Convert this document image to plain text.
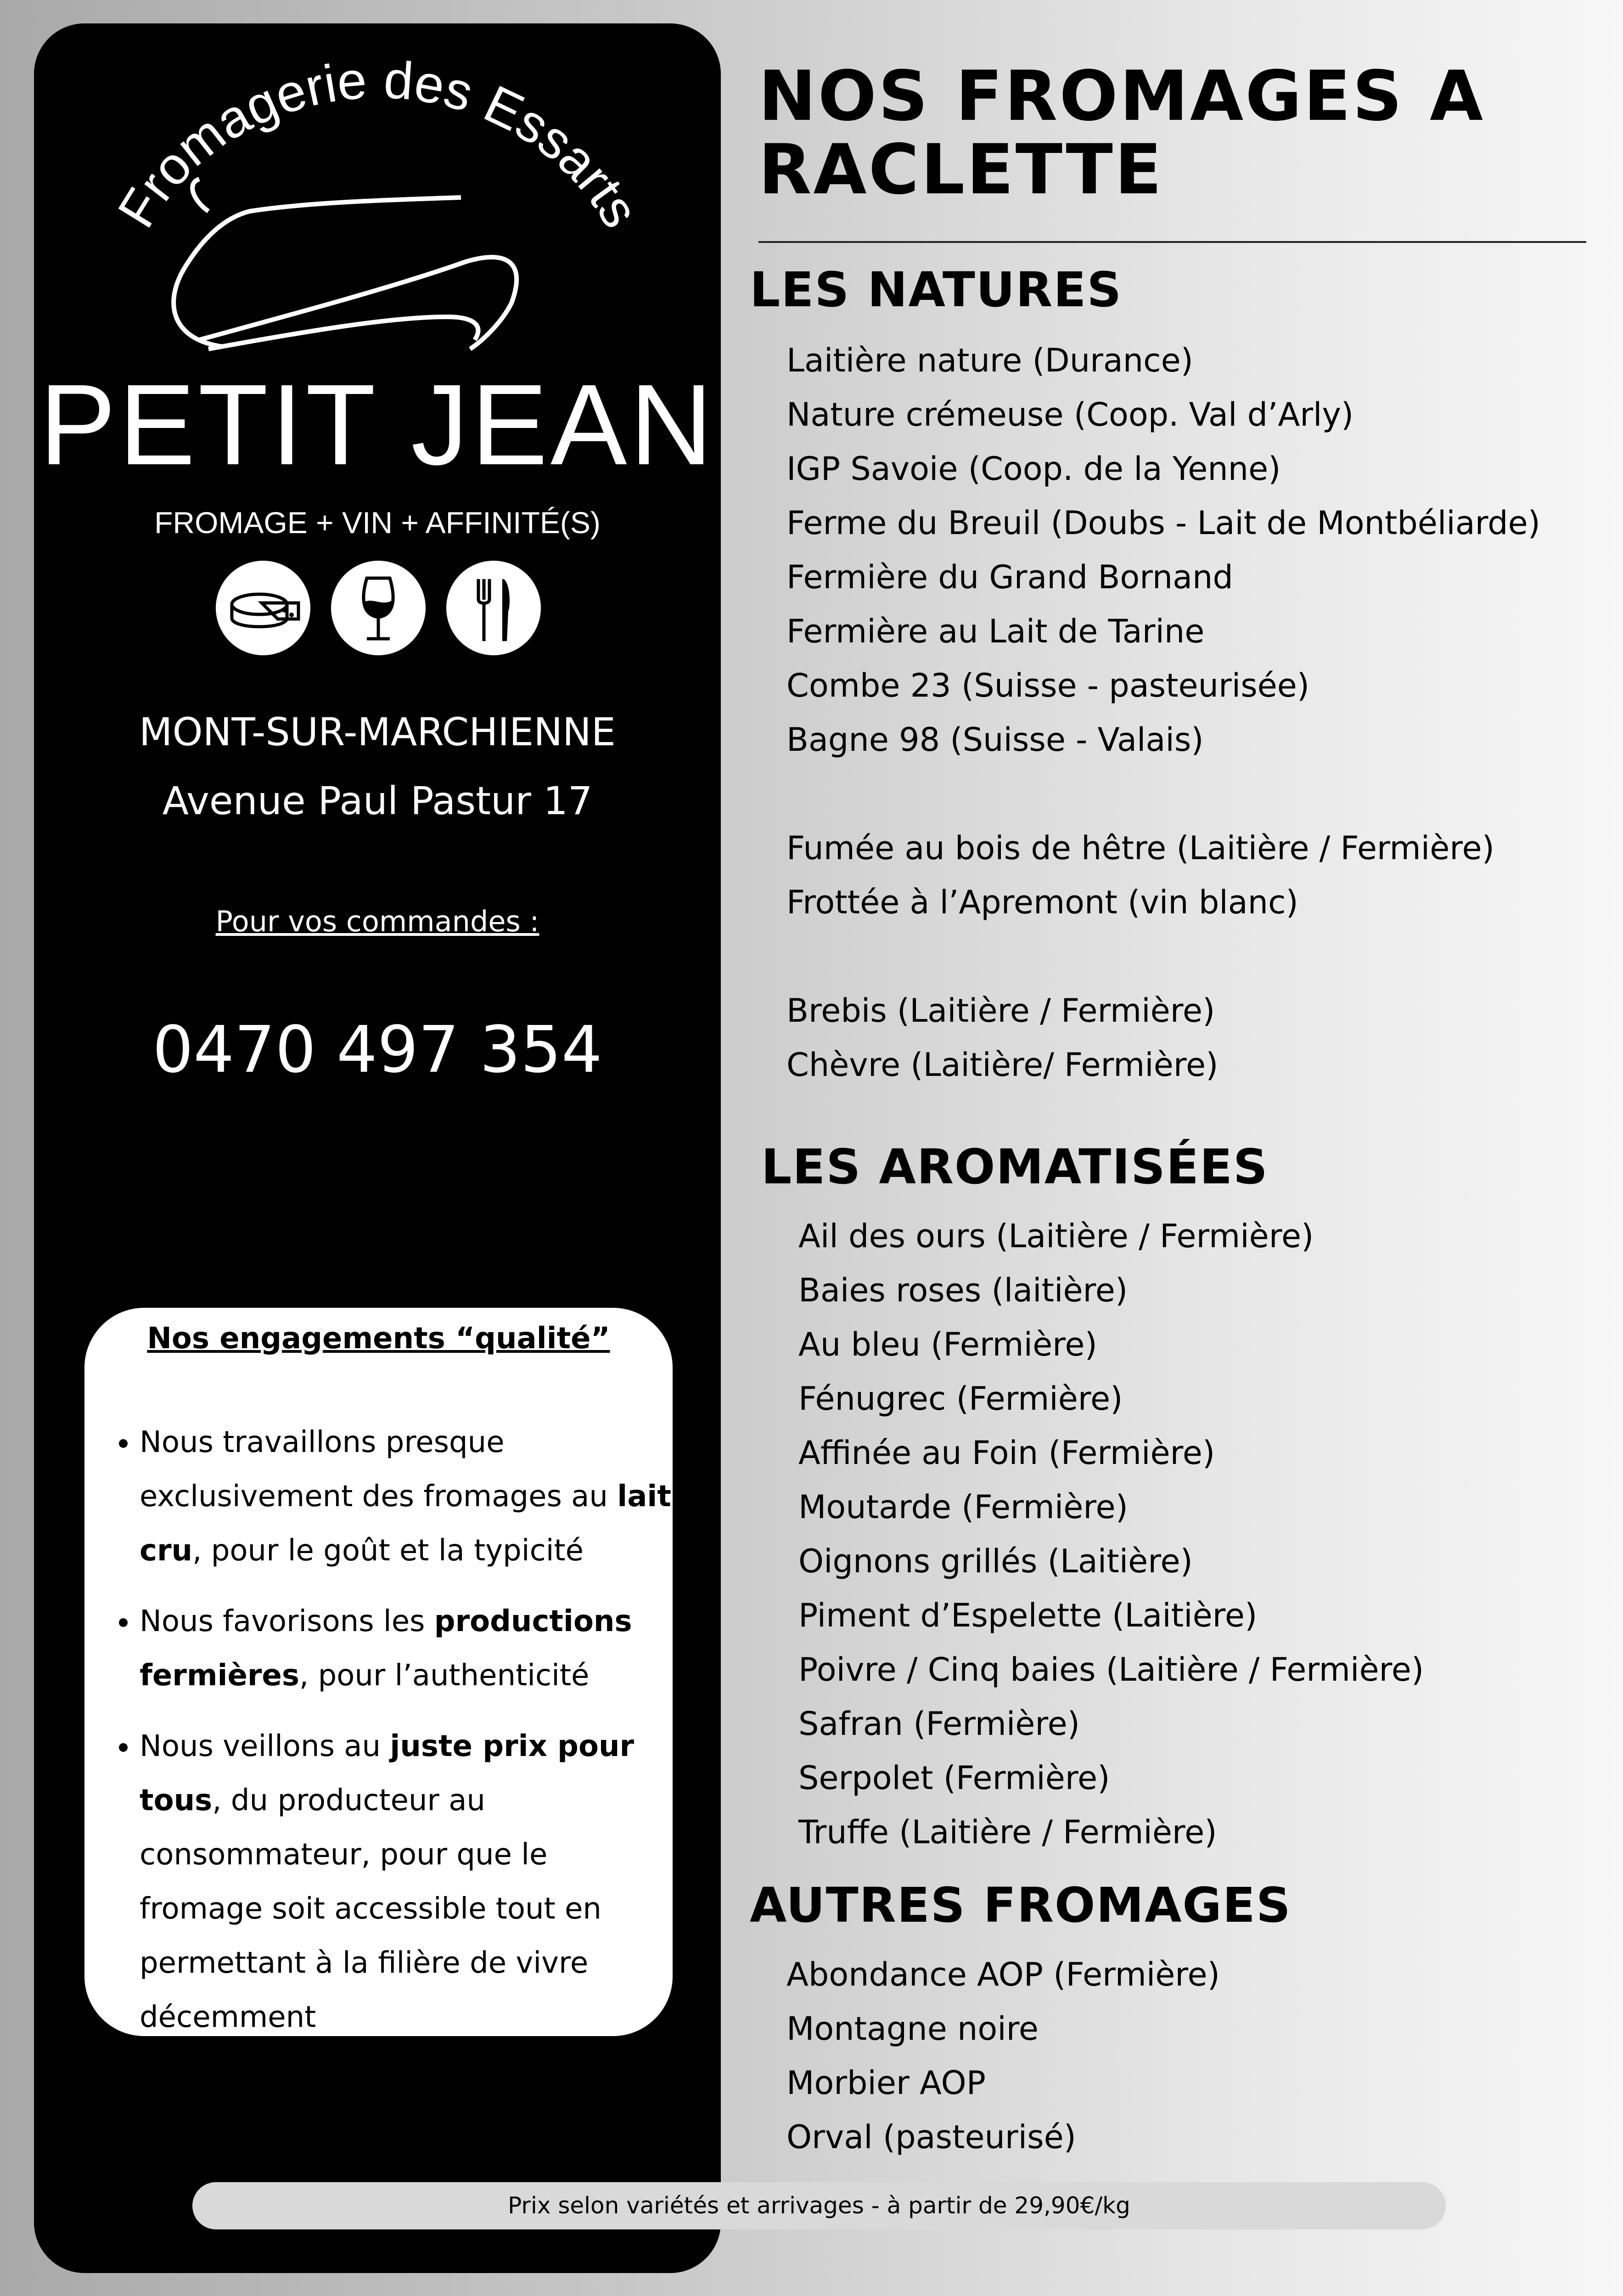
Fromagerie des Essarts
PETIT JEAN
FROMAGE + VIN + AFFINITÉ(S)
MONT-SUR-MARCHIENNE
Avenue Paul Pastur 17
Pour vos commandes :
0470 497 354
Nos engagements “qualité”
• Nous travaillons presque exclusivement des fromages au lait cru, pour le goût et la typicité
• Nous favorisons les productions fermières, pour l’authenticité
• Nous veillons au juste prix pour tous, du producteur au consommateur, pour que le fromage soit accessible tout en permettant à la filière de vivre décemment
NOS FROMAGES A
RACLETTE
LES NATURES
Laitière nature (Durance)
Nature crémeuse (Coop. Val d’Arly)
IGP Savoie (Coop. de la Yenne)
Ferme du Breuil (Doubs - Lait de Montbéliarde)
Fermière du Grand Bornand
Fermière au Lait de Tarine
Combe 23 (Suisse - pasteurisée)
Bagne 98 (Suisse - Valais)

Fumée au bois de hêtre (Laitière / Fermière)
Frottée à l’Apremont (vin blanc)

Brebis (Laitière / Fermière)
Chèvre (Laitière/ Fermière)
LES AROMATISÉES
Ail des ours (Laitière / Fermière)
Baies roses (laitière)
Au bleu (Fermière)
Fénugrec (Fermière)
Affinée au Foin (Fermière)
Moutarde (Fermière)
Oignons grillés (Laitière)
Piment d’Espelette (Laitière)
Poivre / Cinq baies (Laitière / Fermière)
Safran (Fermière)
Serpolet (Fermière)
Truffe (Laitière / Fermière)
AUTRES FROMAGES
Abondance AOP (Fermière)
Montagne noire
Morbier AOP
Orval (pasteurisé)
Prix selon variétés et arrivages - à partir de 29,90€/kg
